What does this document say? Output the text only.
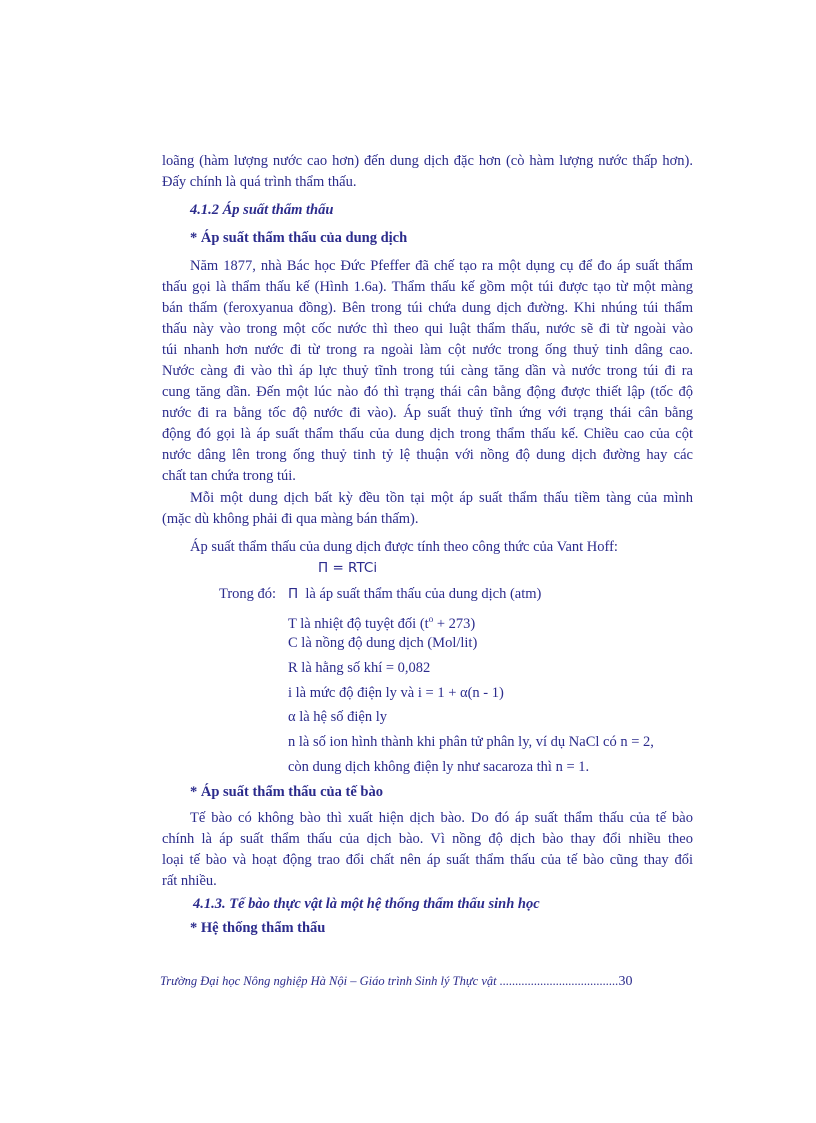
loãng (hàm lượng nước cao hơn) đến dung dịch đặc hơn (cò hàm lượng nước thấp hơn).
Đấy chính là quá trình thẩm thấu.
4.1.2 Áp suất thẩm thấu
* Áp suất thẩm thấu của dung dịch
Năm 1877, nhà Bác học Đức Pfeffer đã chế tạo ra một dụng cụ để đo áp suất thẩm
thấu gọi là thẩm thấu kế (Hình 1.6a). Thẩm thấu kế gồm một túi được tạo từ một màng
bán thấm (feroxyanua đồng). Bên trong túi chứa dung dịch đường. Khi nhúng túi thẩm
thấu này vào trong một cốc nước thì theo qui luật thẩm thấu, nước sẽ đi từ ngoài vào
túi nhanh hơn nước đi từ trong ra ngoài làm cột nước trong ống thuỷ tinh dâng cao.
Nước càng đi vào thì áp lực thuỷ tĩnh trong túi càng tăng dần và nước trong túi đi ra
cung tăng dần. Đến một lúc nào đó thì trạng thái cân bằng động được thiết lập (tốc độ
nước đi ra bằng tốc độ nước đi vào). Áp suất thuỷ tĩnh ứng với trạng thái cân bằng
động đó gọi là áp suất thẩm thấu của dung dịch trong thẩm thấu kế. Chiều cao của cột
nước dâng lên trong ống thuỷ tinh tỷ lệ thuận với nồng độ dung dịch đường hay các
chất tan chứa trong túi.
Mỗi một dung dịch bất kỳ đều tồn tại một áp suất thẩm thấu tiềm tàng của mình
(mặc dù không phải đi qua màng bán thấm).
Áp suất thẩm thấu của dung dịch được tính theo công thức của Vant Hoff:
Π = RTCi
Trong đó: Π là áp suất thẩm thấu của dung dịch (atm)
T là nhiệt độ tuyệt đối $(t^o + 273)$
C là nồng độ dung dịch (Mol/lit)
R là hằng số khí = 0,082
i là mức độ điện ly và i = 1 + α(n - 1)
α là hệ số điện ly
n là số ion hình thành khi phân tử phân ly, ví dụ NaCl có n = 2,
còn dung dịch không điện ly như sacaroza thì n = 1.
* Áp suất thẩm thấu của tế bào
Tế bào có không bào thì xuất hiện dịch bào. Do đó áp suất thẩm thấu của tế bào
chính là áp suất thẩm thấu của dịch bào. Vì nồng độ dịch bào thay đổi nhiều theo
loại tế bào và hoạt động trao đổi chất nên áp suất thẩm thấu của tế bào cũng thay đổi
rất nhiều.
4.1.3. Tế bào thực vật là một hệ thống thẩm thấu sinh học
* Hệ thống thẩm thấu
Trường Đại học Nông nghiệp Hà Nội – Giáo trình Sinh lý Thực vật ......................................30
